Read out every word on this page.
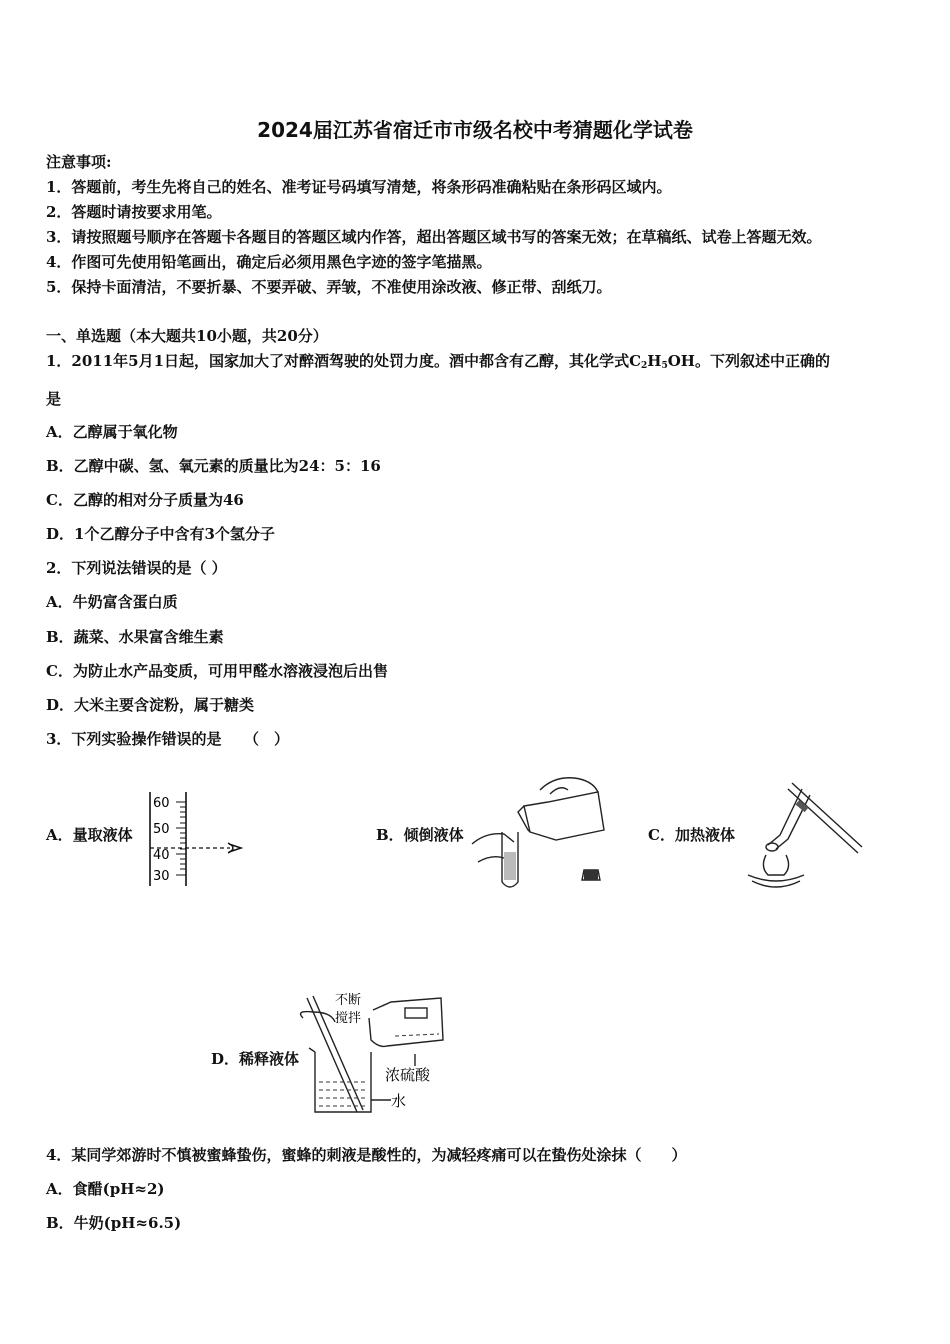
2024届江苏省宿迁市市级名校中考猜题化学试卷
注意事项:
1．答题前，考生先将自己的姓名、准考证号码填写清楚，将条形码准确粘贴在条形码区域内。
2．答题时请按要求用笔。
3．请按照题号顺序在答题卡各题目的答题区域内作答，超出答题区域书写的答案无效；在草稿纸、试卷上答题无效。
4．作图可先使用铅笔画出，确定后必须用黑色字迹的签字笔描黑。
5．保持卡面清洁，不要折暴、不要弄破、弄皱，不准使用涂改液、修正带、刮纸刀。
一、单选题（本大题共10小题，共20分）
1．2011年5月1日起，国家加大了对醉酒驾驶的处罚力度。酒中都含有乙醇，其化学式$C_2H_5OH$。下列叙述中正确的
是
A．乙醇属于氧化物
B．乙醇中碳、氢、氧元素的质量比为24：5：16
C．乙醇的相对分子质量为46
D．1个乙醇分子中含有3个氢分子
2．下列说法错误的是（ ）
A．牛奶富含蛋白质
B．蔬菜、水果富含维生素
C．为防止水产品变质，可用甲醛水溶液浸泡后出售
D．大米主要含淀粉，属于糖类
3．下列实验操作错误的是　　（　）
A．量取液体
60
50
40
30
B．倾倒液体	C．加热液体
D．稀释液体
不断
搅拌
浓硫酸
水
4．某同学郊游时不慎被蜜蜂蛰伤，蜜蜂的刺液是酸性的，为减轻疼痛可以在蛰伤处涂抹（　　）
A．食醋(pH≈2)
B．牛奶(pH≈6.5)
